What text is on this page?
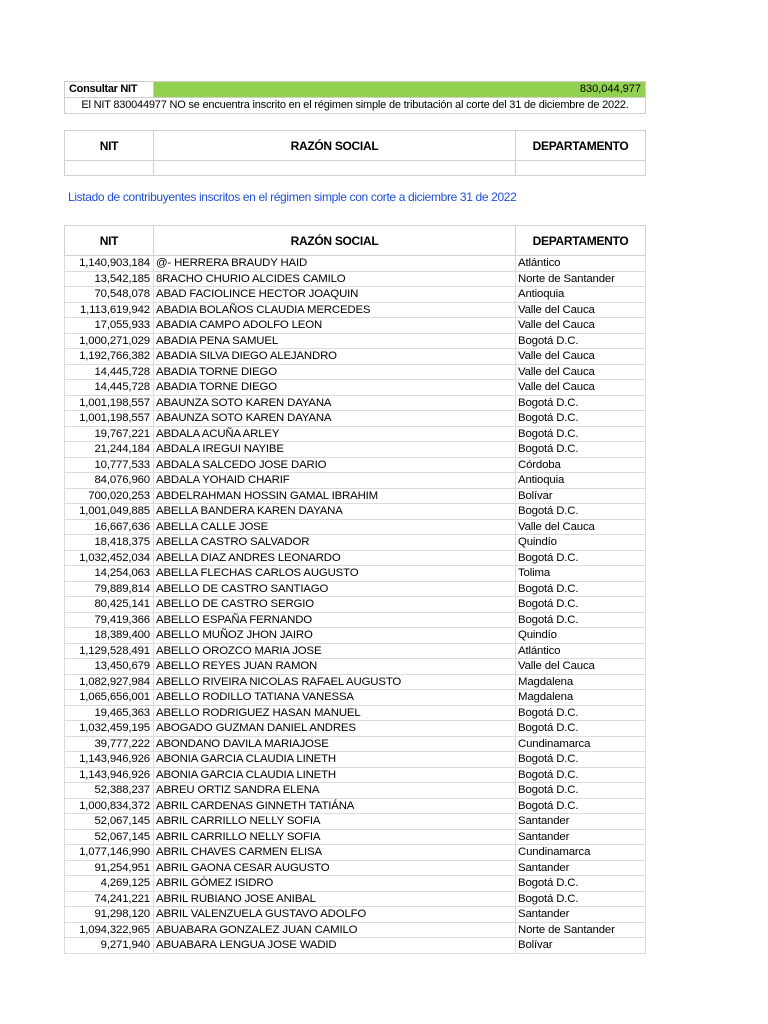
Consultar NIT	830,044,977
El NIT 830044977 NO se encuentra inscrito en el régimen simple de tributación al corte del 31 de diciembre de 2022.
NIT	RAZÓN SOCIAL	DEPARTAMENTO

NIT	RAZÓN SOCIAL	DEPARTAMENTO
1,140,903,184	@- HERRERA BRAUDY HAID	Atlántico
13,542,185	8RACHO CHURIO ALCIDES CAMILO	Norte de Santander
70,548,078	ABAD FACIOLINCE HECTOR JOAQUIN	Antioquia
1,113,619,942	ABADIA BOLAÑOS CLAUDIA MERCEDES	Valle del Cauca
17,055,933	ABADIA CAMPO ADOLFO LEON	Valle del Cauca
1,000,271,029	ABADIA PENA SAMUEL	Bogotá D.C.
1,192,766,382	ABADIA SILVA DIEGO ALEJANDRO	Valle del Cauca
14,445,728	ABADIA TORNE DIEGO	Valle del Cauca
14,445,728	ABADIA TORNE DIEGO	Valle del Cauca
1,001,198,557	ABAUNZA SOTO KAREN DAYANA	Bogotá D.C.
1,001,198,557	ABAUNZA SOTO KAREN DAYANA	Bogotá D.C.
19,767,221	ABDALA ACUÑA ARLEY	Bogotá D.C.
21,244,184	ABDALA IREGUI NAYIBE	Bogotá D.C.
10,777,533	ABDALA SALCEDO JOSE DARIO	Córdoba
84,076,960	ABDALA YOHAID CHARIF	Antioquia
700,020,253	ABDELRAHMAN HOSSIN GAMAL IBRAHIM	Bolívar
1,001,049,885	ABELLA BANDERA KAREN DAYANA	Bogotá D.C.
16,667,636	ABELLA CALLE JOSE	Valle del Cauca
18,418,375	ABELLA CASTRO SALVADOR	Quindío
1,032,452,034	ABELLA DIAZ ANDRES LEONARDO	Bogotá D.C.
14,254,063	ABELLA FLECHAS CARLOS AUGUSTO	Tolima
79,889,814	ABELLO DE CASTRO SANTIAGO	Bogotá D.C.
80,425,141	ABELLO DE CASTRO SERGIO	Bogotá D.C.
79,419,366	ABELLO ESPAÑA FERNANDO	Bogotá D.C.
18,389,400	ABELLO MUÑOZ JHON JAIRO	Quindío
1,129,528,491	ABELLO OROZCO MARIA JOSE	Atlántico
13,450,679	ABELLO REYES JUAN RAMON	Valle del Cauca
1,082,927,984	ABELLO RIVEIRA NICOLAS RAFAEL AUGUSTO	Magdalena
1,065,656,001	ABELLO RODILLO TATIANA VANESSA	Magdalena
19,465,363	ABELLO RODRIGUEZ HASAN MANUEL	Bogotá D.C.
1,032,459,195	ABOGADO GUZMAN DANIEL ANDRES	Bogotá D.C.
39,777,222	ABONDANO DAVILA MARIAJOSE	Cundinamarca
1,143,946,926	ABONIA GARCIA CLAUDIA LINETH	Bogotá D.C.
1,143,946,926	ABONIA GARCIA CLAUDIA LINETH	Bogotá D.C.
52,388,237	ABREU ORTIZ SANDRA ELENA	Bogotá D.C.
1,000,834,372	ABRIL CARDENAS GINNETH TATIÁNA	Bogotá D.C.
52,067,145	ABRIL CARRILLO NELLY SOFIA	Santander
52,067,145	ABRIL CARRILLO NELLY SOFIA	Santander
1,077,146,990	ABRIL CHAVES CARMEN ELISA	Cundinamarca
91,254,951	ABRIL GAONA CESAR AUGUSTO	Santander
4,269,125	ABRIL GÓMEZ ISIDRO	Bogotá D.C.
74,241,221	ABRIL RUBIANO JOSE ANIBAL	Bogotá D.C.
91,298,120	ABRIL VALENZUELA GUSTAVO ADOLFO	Santander
1,094,322,965	ABUABARA GONZALEZ JUAN CAMILO	Norte de Santander
9,271,940	ABUABARA LENGUA JOSE WADID	Bolívar
Listado de contribuyentes inscritos en el régimen simple con corte a diciembre 31 de 2022
